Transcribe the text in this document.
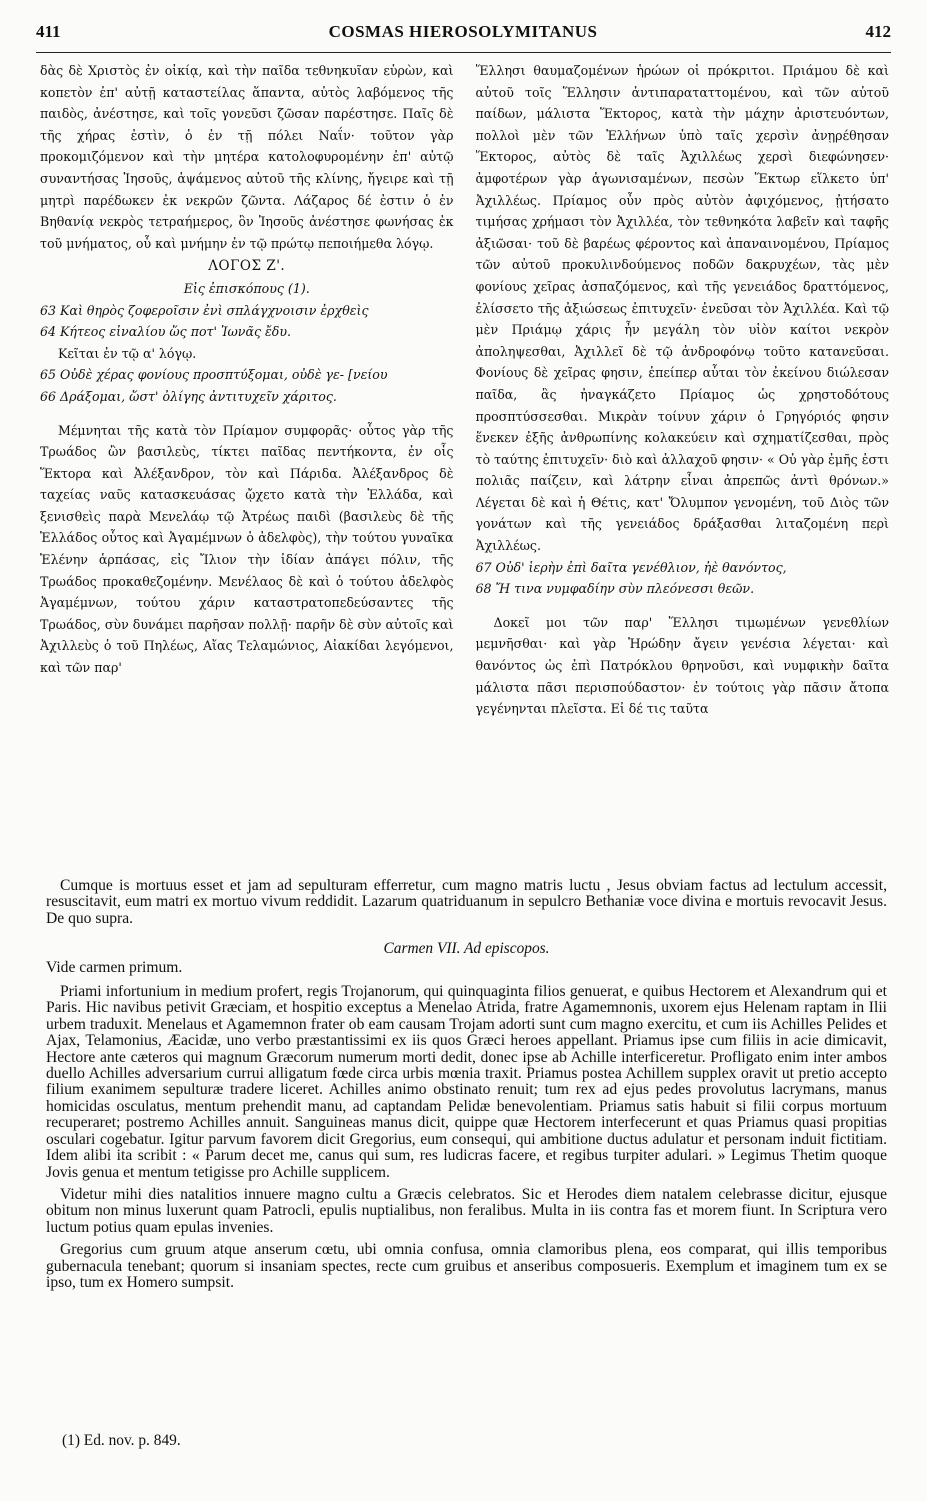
411	COSMAS HIEROSOLYMITANUS	412

δὰς δὲ Χριστὸς ἐν οἰκίᾳ, καὶ τὴν παῖδα τεθνηκυῖαν εὑρὼν, καὶ κοπετὸν ἐπ' αὐτῇ καταστείλας ἅπαντα, αὐτὸς λαβόμενος τῆς παιδὸς, ἀνέστησε, καὶ τοῖς γονεῦσι ζῶσαν παρέστησε. Παῖς δὲ τῆς χήρας ἐστὶν, ὁ ἐν τῇ πόλει Ναΐν· τοῦτον γὰρ προκομιζόμενον καὶ τὴν μητέρα κατολοφυρομένην ἐπ' αὐτῷ συναντήσας Ἰησοῦς, ἁψάμενος αὐτοῦ τῆς κλίνης, ἤγειρε καὶ τῇ μητρὶ παρέδωκεν ἐκ νεκρῶν ζῶντα. Λάζαρος δέ ἐστιν ὁ ἐν Βηθανίᾳ νεκρὸς τετραήμερος, ὃν Ἰησοῦς ἀνέστησε φωνήσας ἐκ τοῦ μνήματος, οὗ καὶ μνήμην ἐν τῷ πρώτῳ πεποιήμεθα λόγῳ.

ΛΟΓΟΣ Ζ'.

Εἰς ἐπισκόπους (1).

63 Καὶ θηρὸς ζοφεροῖσιν ἐνὶ σπλάγχνοισιν ἐρχθεὶς

64 Κήτεος εἰναλίου ὥς ποτ' Ἰωνᾶς ἔδυ.

Κεῖται ἐν τῷ α' λόγῳ.

65 Οὐδὲ χέρας φονίους προσπτύξομαι, οὐδὲ γε- [νείου

66 Δράξομαι, ὥστ' ὀλίγης ἀντιτυχεῖν χάριτος.

Μέμνηται τῆς κατὰ τὸν Πρίαμον συμφορᾶς· οὗτος γὰρ τῆς Τρωάδος ὢν βασιλεὺς, τίκτει παῖδας πεντήκοντα, ἐν οἷς Ἕκτορα καὶ Ἀλέξανδρον, τὸν καὶ Πάριδα. Ἀλέξανδρος δὲ ταχείας ναῦς κατασκευάσας ᾤχετο κατὰ τὴν Ἑλλάδα, καὶ ξενισθεὶς παρὰ Μενελάῳ τῷ Ἀτρέως παιδὶ (βασιλεὺς δὲ τῆς Ἑλλάδος οὗτος καὶ Ἀγαμέμνων ὁ ἀδελφὸς), τὴν τούτου γυναῖκα Ἑλένην ἁρπάσας, εἰς Ἴλιον τὴν ἰδίαν ἀπάγει πόλιν, τῆς Τρωάδος προκαθεζομένην. Μενέλαος δὲ καὶ ὁ τούτου ἀδελφὸς Ἀγαμέμνων, τούτου χάριν καταστρατοπεδεύσαντες τῆς Τρωάδος, σὺν δυνάμει παρῆσαν πολλῇ· παρῆν δὲ σὺν αὐτοῖς καὶ Ἀχιλλεὺς ὁ τοῦ Πηλέως, Αἴας Τελαμώνιος, Αἰακίδαι λεγόμενοι, καὶ τῶν παρ'

Ἕλλησι θαυμαζομένων ἡρώων οἱ πρόκριτοι. Πριάμου δὲ καὶ αὐτοῦ τοῖς Ἕλλησιν ἀντιπαραταττομένου, καὶ τῶν αὐτοῦ παίδων, μάλιστα Ἕκτορος, κατὰ τὴν μάχην ἀριστευόντων, πολλοὶ μὲν τῶν Ἑλλήνων ὑπὸ ταῖς χερσὶν ἀνῃρέθησαν Ἕκτορος, αὐτὸς δὲ ταῖς Ἀχιλλέως χερσὶ διεφώνησεν· ἀμφοτέρων γὰρ ἀγωνισαμένων, πεσὼν Ἕκτωρ εἵλκετο ὑπ' Ἀχιλλέως. Πρίαμος οὖν πρὸς αὐτὸν ἀφιχόμενος, ᾐτήσατο τιμήσας χρήμασι τὸν Ἀχιλλέα, τὸν τεθνηκότα λαβεῖν καὶ ταφῆς ἀξιῶσαι· τοῦ δὲ βαρέως φέροντος καὶ ἀπαναινομένου, Πρίαμος τῶν αὐτοῦ προκυλινδούμενος ποδῶν δακρυχέων, τὰς μὲν φονίους χεῖρας ἀσπαζόμενος, καὶ τῆς γενειάδος δραττόμενος, ἐλίσσετο τῆς ἀξιώσεως ἐπιτυχεῖν· ἐνεῦσαι τὸν Ἀχιλλέα. Καὶ τῷ μὲν Πριάμῳ χάρις ἦν μεγάλη τὸν υἱὸν καίτοι νεκρὸν ἀποληψεσθαι, Ἀχιλλεῖ δὲ τῷ ἀνδροφόνῳ τοῦτο κατανεῦσαι. Φονίους δὲ χεῖρας φησιν, ἐπείπερ αὗται τὸν ἐκείνου διώλεσαν παῖδα, ἃς ἠναγκάζετο Πρίαμος ὡς χρηστοδότους προσπτύσσεσθαι. Μικρὰν τοίνυν χάριν ὁ Γρηγόριός φησιν ἕνεκεν ἐξῆς ἀνθρωπίνης κολακεύειν καὶ σχηματίζεσθαι, πρὸς τὸ ταύτης ἐπιτυχεῖν· διὸ καὶ ἀλλαχοῦ φησιν· « Οὐ γὰρ ἐμῆς ἐστι πολιᾶς παίζειν, καὶ λάτρην εἶναι ἀπρεπῶς ἀντὶ θρόνων.» Λέγεται δὲ καὶ ἡ Θέτις, κατ' Ὄλυμπον γενομένη, τοῦ Διὸς τῶν γονάτων καὶ τῆς γενειάδος δράξασθαι λιταζομένη περὶ Ἀχιλλέως.

67 Οὐδ' ἱερὴν ἐπὶ δαῖτα γενέθλιον, ἠὲ θανόντος,

68 Ἤ τινα νυμφαδίην σὺν πλεόνεσσι θεῶν.

Δοκεῖ μοι τῶν παρ' Ἕλλησι τιμωμένων γενεθλίων μεμνῆσθαι· καὶ γὰρ Ἡρώδην ἄγειν γενέσια λέγεται· καὶ θανόντος ὡς ἐπὶ Πατρόκλου θρηνοῦσι, καὶ νυμφικὴν δαῖτα μάλιστα πᾶσι περισπούδαστον· ἐν τούτοις γὰρ πᾶσιν ἄτοπα γεγένηνται πλεῖστα. Εἰ δέ τις ταῦτα

Cumque is mortuus esset et jam ad sepulturam efferretur, cum magno matris luctu , Jesus obviam factus ad lectulum accessit, resuscitavit, eum matri ex mortuo vivum reddidit. Lazarum quatriduanum in sepulcro Bethaniæ voce divina e mortuis revocavit Jesus. De quo supra.

Carmen VII. Ad episcopos.

Vide carmen primum.

Priami infortunium in medium profert, regis Trojanorum, qui quinquaginta filios genuerat, e quibus Hectorem et Alexandrum qui et Paris. Hic navibus petivit Græciam, et hospitio exceptus a Menelao Atrida, fratre Agamemnonis, uxorem ejus Helenam raptam in Ilii urbem traduxit. Menelaus et Agamemnon frater ob eam causam Trojam adorti sunt cum magno exercitu, et cum iis Achilles Pelides et Ajax, Telamonius, Æacidæ, uno verbo præstantissimi ex iis quos Græci heroes appellant. Priamus ipse cum filiis in acie dimicavit, Hectore ante cæteros qui magnum Græcorum numerum morti dedit, donec ipse ab Achille interficeretur. Profligato enim inter ambos duello Achilles adversarium currui alligatum fœde circa urbis mœnia traxit. Priamus postea Achillem supplex oravit ut pretio accepto filium exanimem sepulturæ tradere liceret. Achilles animo obstinato renuit; tum rex ad ejus pedes provolutus lacrymans, manus homicidas osculatus, mentum prehendit manu, ad captandam Pelidæ benevolentiam. Priamus satis habuit si filii corpus mortuum recuperaret; postremo Achilles annuit. Sanguineas manus dicit, quippe quæ Hectorem interfecerunt et quas Priamus quasi propitias osculari cogebatur. Igitur parvum favorem dicit Gregorius, eum consequi, qui ambitione ductus adulatur et personam induit fictitiam. Idem alibi ita scribit : « Parum decet me, canus qui sum, res ludicras facere, et regibus turpiter adulari. » Legimus Thetim quoque Jovis genua et mentum tetigisse pro Achille supplicem.

Videtur mihi dies natalitios innuere magno cultu a Græcis celebratos. Sic et Herodes diem natalem celebrasse dicitur, ejusque obitum non minus luxerunt quam Patrocli, epulis nuptialibus, non feralibus. Multa in iis contra fas et morem fiunt. In Scriptura vero luctum potius quam epulas invenies.

Gregorius cum gruum atque anserum cœtu, ubi omnia confusa, omnia clamoribus plena, eos comparat, qui illis temporibus gubernacula tenebant; quorum si insaniam spectes, recte cum gruibus et anseribus composueris. Exemplum et imaginem tum ex se ipso, tum ex Homero sumpsit.

(1) Ed. nov. p. 849.
